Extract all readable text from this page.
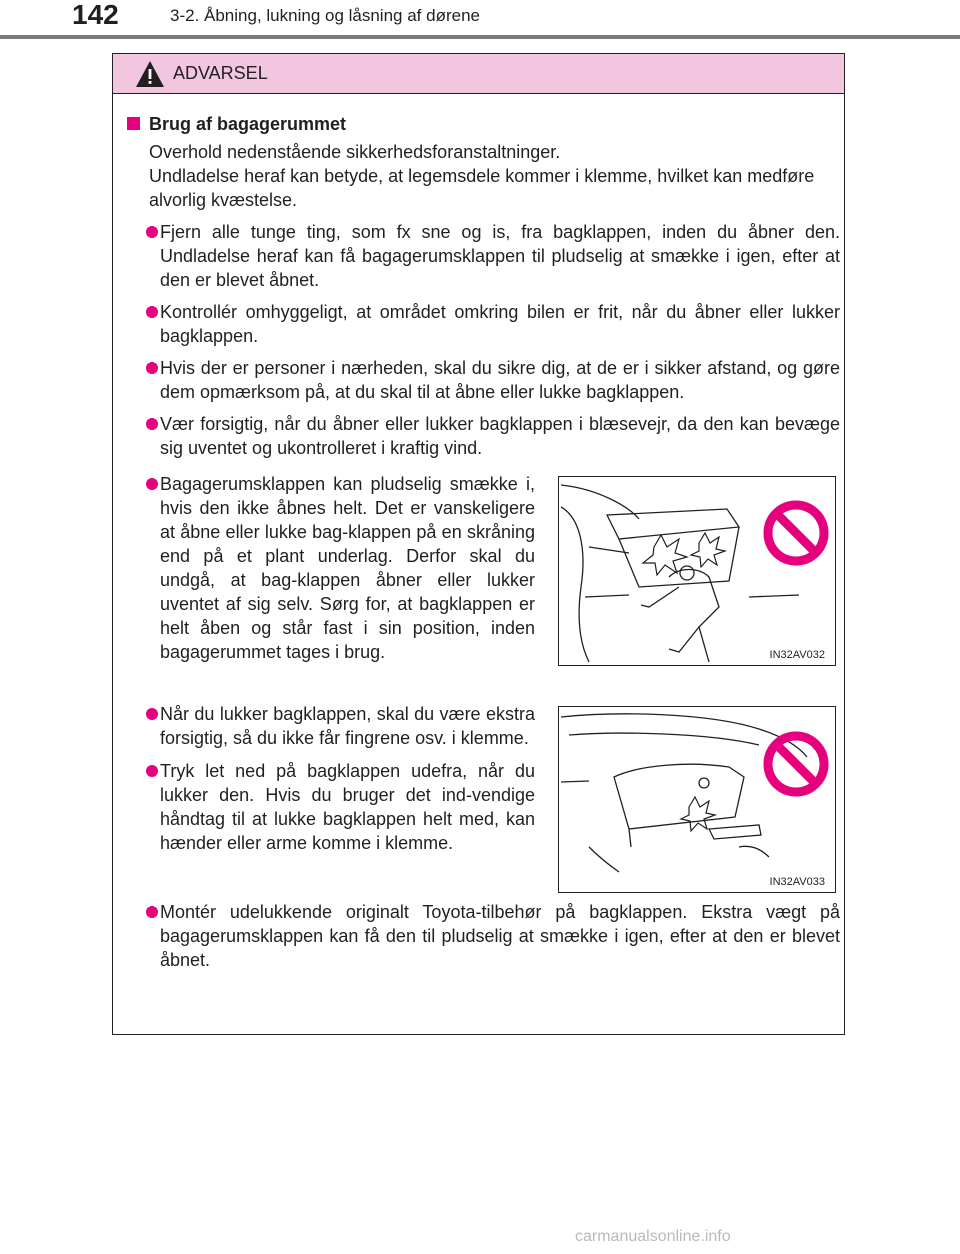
142	3-2. Åbning, lukning og låsning af dørene
ADVARSEL

Brug af bagagerummet

Overhold nedenstående sikkerhedsforanstaltninger.
Undladelse heraf kan betyde, at legemsdele kommer i klemme, hvilket kan medføre alvorlig kvæstelse.

Fjern alle tunge ting, som fx sne og is, fra bagklappen, inden du åbner den. Undladelse heraf kan få bagagerumsklappen til pludselig at smække i igen, efter at den er blevet åbnet.

Kontrollér omhyggeligt, at området omkring bilen er frit, når du åbner eller lukker bagklappen.

Hvis der er personer i nærheden, skal du sikre dig, at de er i sikker afstand, og gøre dem opmærksom på, at du skal til at åbne eller lukke bagklappen.

Vær forsigtig, når du åbner eller lukker bagklappen i blæsevejr, da den kan bevæge sig uventet og ukontrolleret i kraftig vind.

Bagagerumsklappen kan pludselig smække i, hvis den ikke åbnes helt. Det er vanskeligere at åbne eller lukke bag-klappen på en skråning end på et plant underlag. Derfor skal du undgå, at bag-klappen åbner eller lukker uventet af sig selv. Sørg for, at bagklappen er helt åben og står fast i sin position, inden bagagerummet tages i brug.

Når du lukker bagklappen, skal du være ekstra forsigtig, så du ikke får fingrene osv. i klemme.

Tryk let ned på bagklappen udefra, når du lukker den. Hvis du bruger det ind-vendige håndtag til at lukke bagklappen helt med, kan hænder eller arme komme i klemme.

IN32AV032
IN32AV033

Montér udelukkende originalt Toyota-tilbehør på bagklappen. Ekstra vægt på bagagerumsklappen kan få den til pludselig at smække i igen, efter at den er blevet åbnet.

carmanualsonline.info
